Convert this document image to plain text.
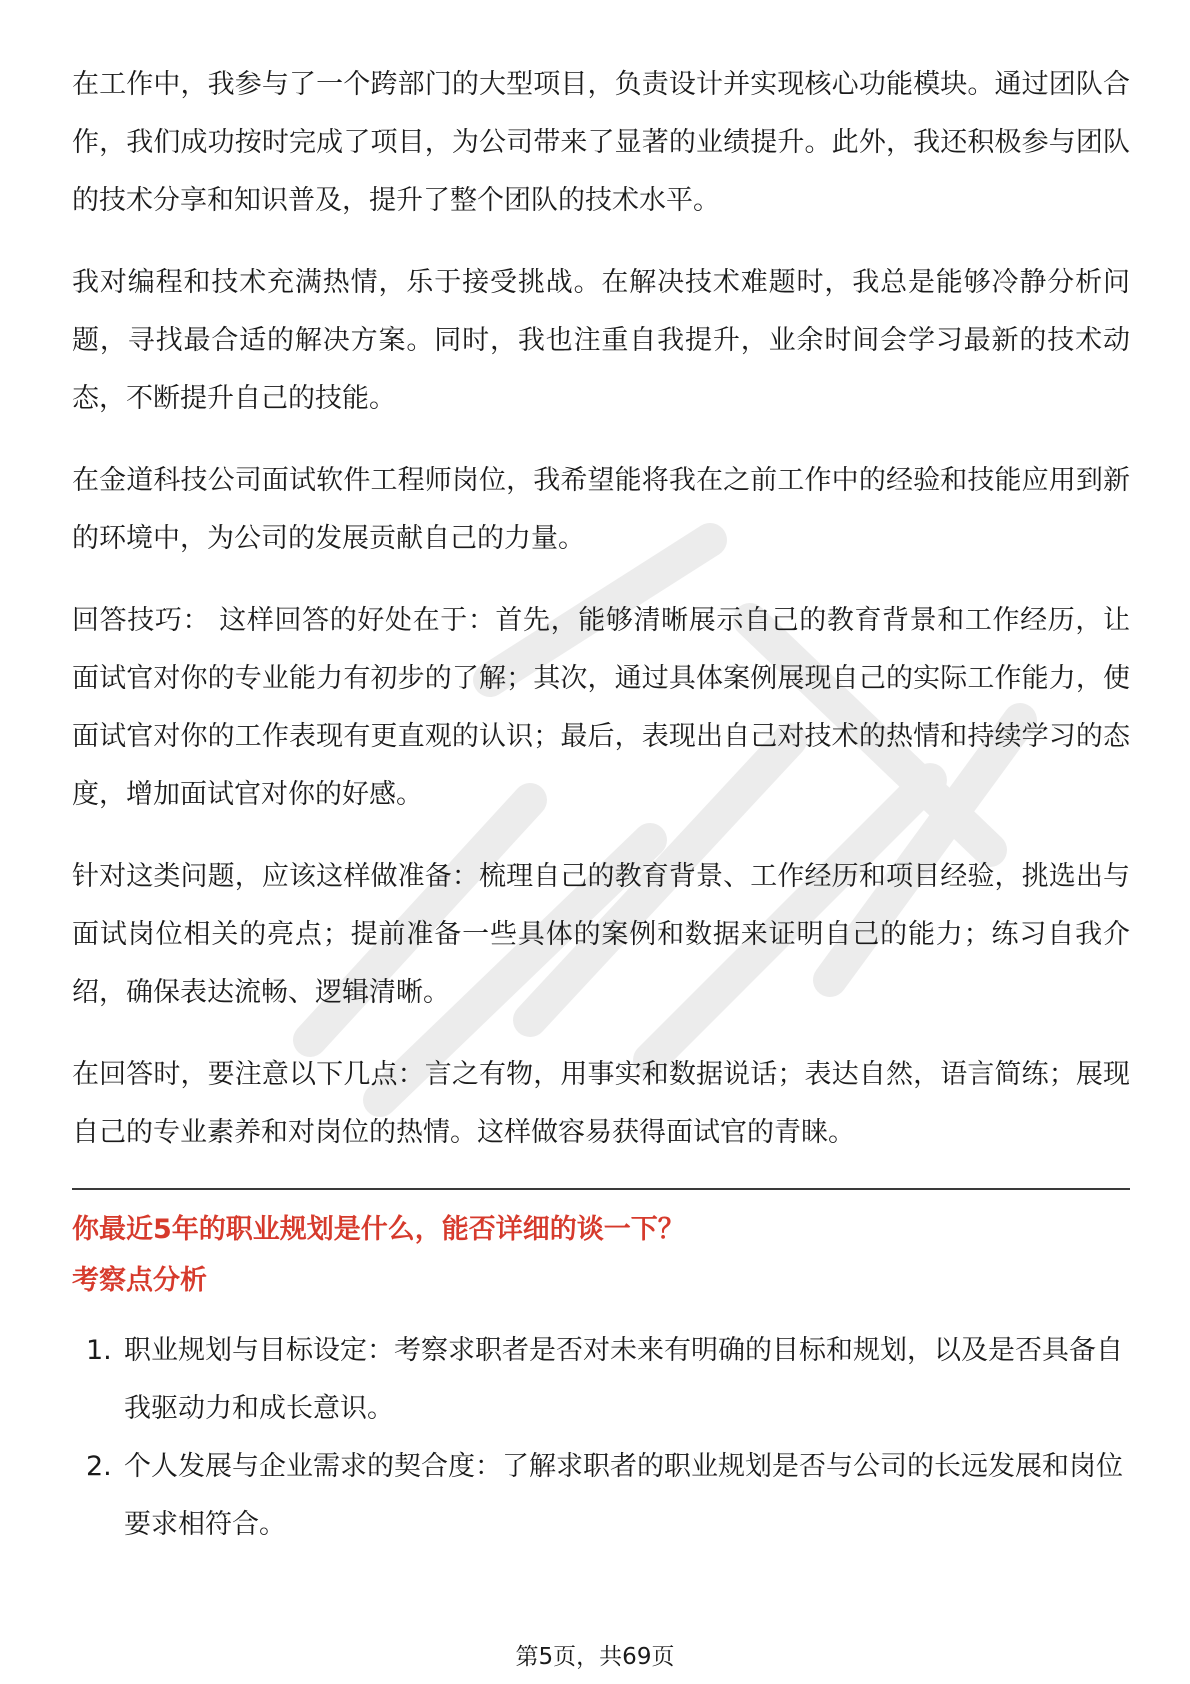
在工作中，我参与了一个跨部门的大型项目，负责设计并实现核心功能模块。通过团队合作，我们成功按时完成了项目，为公司带来了显著的业绩提升。此外，我还积极参与团队的技术分享和知识普及，提升了整个团队的技术水平。

我对编程和技术充满热情，乐于接受挑战。在解决技术难题时，我总是能够冷静分析问题，寻找最合适的解决方案。同时，我也注重自我提升，业余时间会学习最新的技术动态，不断提升自己的技能。

在金道科技公司面试软件工程师岗位，我希望能将我在之前工作中的经验和技能应用到新的环境中，为公司的发展贡献自己的力量。

回答技巧： 这样回答的好处在于：首先，能够清晰展示自己的教育背景和工作经历，让面试官对你的专业能力有初步的了解；其次，通过具体案例展现自己的实际工作能力，使面试官对你的工作表现有更直观的认识；最后，表现出自己对技术的热情和持续学习的态度，增加面试官对你的好感。

针对这类问题，应该这样做准备：梳理自己的教育背景、工作经历和项目经验，挑选出与面试岗位相关的亮点；提前准备一些具体的案例和数据来证明自己的能力；练习自我介绍，确保表达流畅、逻辑清晰。

在回答时，要注意以下几点：言之有物，用事实和数据说话；表达自然，语言简练；展现自己的专业素养和对岗位的热情。这样做容易获得面试官的青睐。

你最近5年的职业规划是什么，能否详细的谈一下？

考察点分析

1. 职业规划与目标设定：考察求职者是否对未来有明确的目标和规划，以及是否具备自我驱动力和成长意识。
2. 个人发展与企业需求的契合度：了解求职者的职业规划是否与公司的长远发展和岗位要求相符合。
第5页，共69页
